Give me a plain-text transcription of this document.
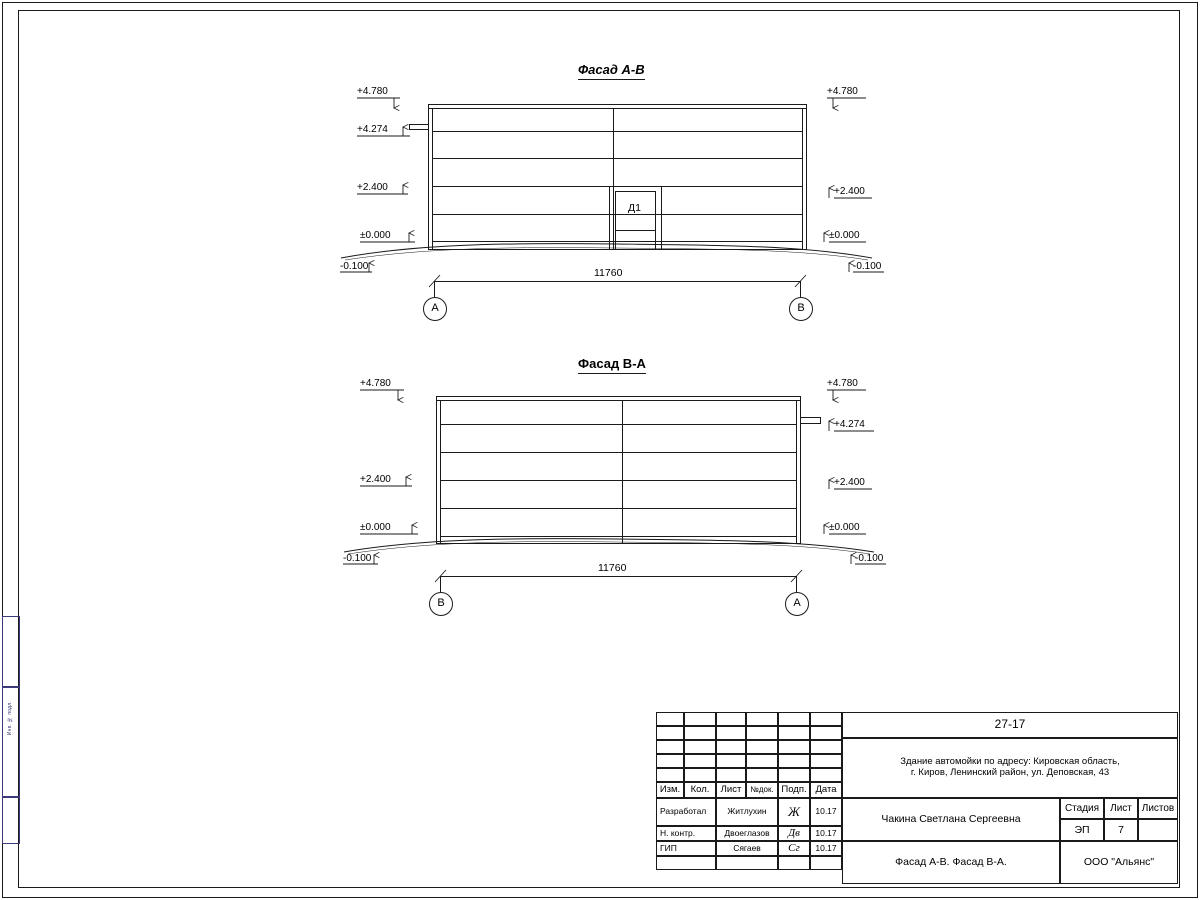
Инв. № подл.
Фасад А-В
Д1
+4.780
+4.274
+2.400
±0.000
-0.100
+4.780
+2.400
±0.000
-0.100
11760
А	В
Фасад В-А
+4.780
+2.400
±0.000
-0.100
+4.780
+4.274
+2.400
±0.000
-0.100
11760
В	А
Изм.	Кол.	Лист	№док. Подп. Дата
Разработал	Житлухин	Ж	10.17
Н. контр.	Двоеглазов	Дв	10.17
ГИП	Сягаев	Сг	10.17
27-17
Здание автомойки по адресу: Кировская область,
г. Киров, Ленинский район, ул. Деповская, 43
Чакина Светлана Сергеевна
Стадия	Лист Листов
ЭП	7
Фасад А-В. Фасад В-А.	ООО "Альянс"
